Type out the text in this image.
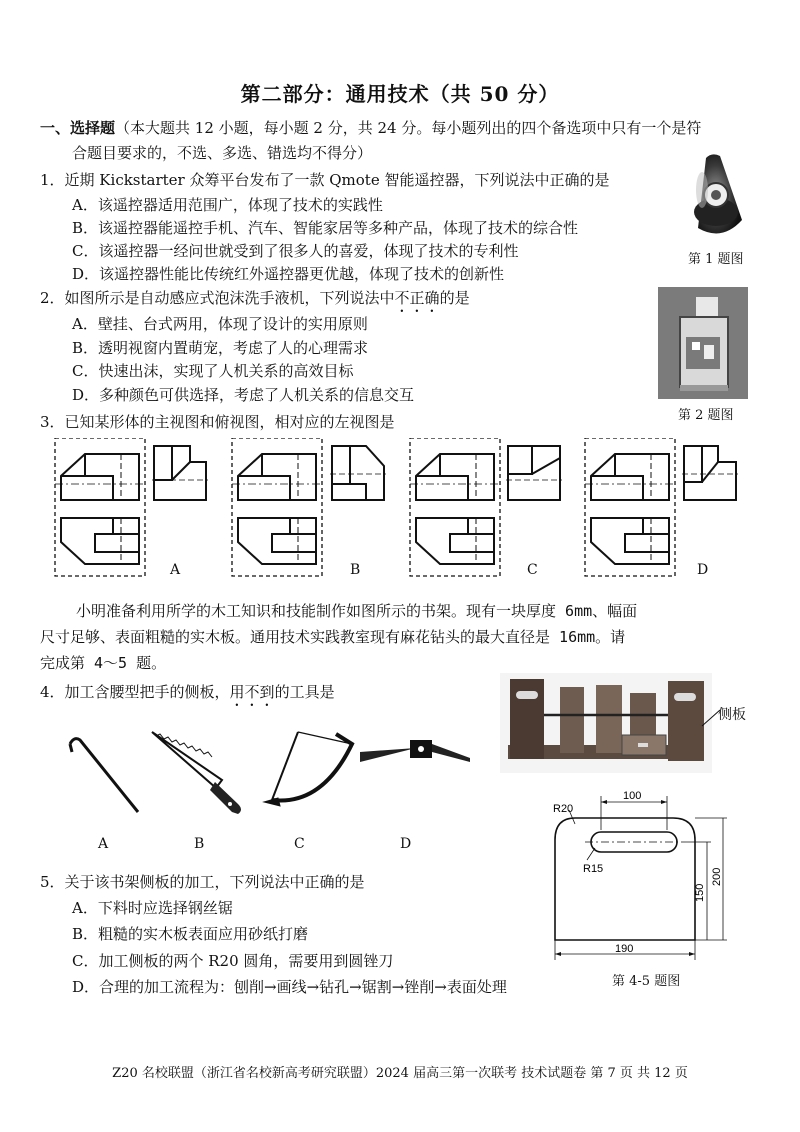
第二部分：通用技术（共 50 分）
一、选择题（本大题共 12 小题，每小题 2 分，共 24 分。每小题列出的四个备选项中只有一个是符
合题目要求的，不选、多选、错选均不得分）
1．近期 Kickstarter 众筹平台发布了一款 Qmote 智能遥控器，下列说法中正确的是
A．该遥控器适用范围广，体现了技术的实践性
B．该遥控器能遥控手机、汽车、智能家居等多种产品，体现了技术的综合性
C．该遥控器一经问世就受到了很多人的喜爱，体现了技术的专利性
D．该遥控器性能比传统红外遥控器更优越，体现了技术的创新性
第 1 题图
2．如图所示是自动感应式泡沫洗手液机，下列说法中不正确的是
A．壁挂、台式两用，体现了设计的实用原则
B．透明视窗内置萌宠，考虑了人的心理需求
C．快速出沫，实现了人机关系的高效目标
D．多种颜色可供选择，考虑了人机关系的信息交互
第 2 题图
3．已知某形体的主视图和俯视图，相对应的左视图是
A	B	C	D
小明准备利用所学的木工知识和技能制作如图所示的书架。现有一块厚度 6mm、幅面
尺寸足够、表面粗糙的实木板。通用技术实践教室现有麻花钻头的最大直径是 16mm。请
完成第 4～5 题。
4．加工含腰型把手的侧板，用不到的工具是
A	B	C	D
侧板
R20
R15
100
150
200
190
第 4-5 题图
5．关于该书架侧板的加工，下列说法中正确的是
A．下料时应选择钢丝锯
B．粗糙的实木板表面应用砂纸打磨
C．加工侧板的两个 R20 圆角，需要用到圆锉刀
D．合理的加工流程为：刨削→画线→钻孔→锯割→锉削→表面处理
Z20 名校联盟（浙江省名校新高考研究联盟）2024 届高三第一次联考 技术试题卷 第 7 页 共 12 页
